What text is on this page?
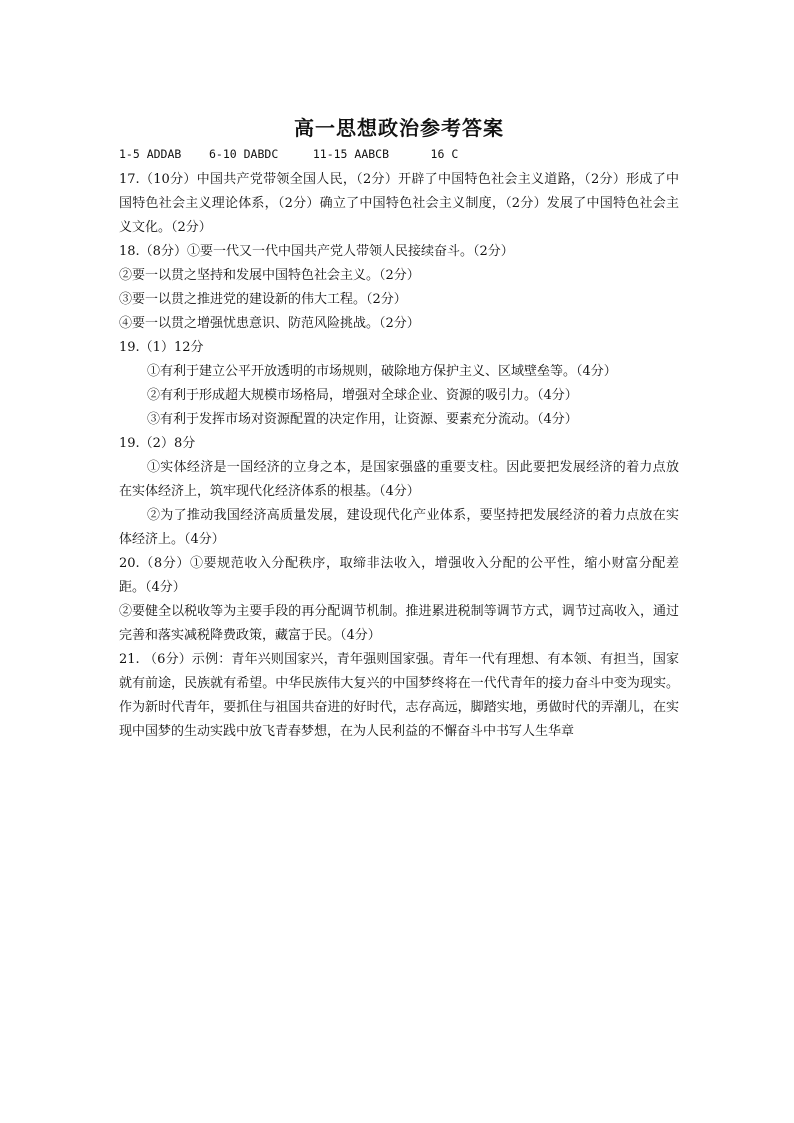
高一思想政治参考答案

1-5 ADDAB    6-10 DABDC     11-15 AABCB      16 C

17.（10分）中国共产党带领全国人民，（2分）开辟了中国特色社会主义道路，（2分）形成了中国特色社会主义理论体系，（2分）确立了中国特色社会主义制度，（2分）发展了中国特色社会主义文化。（2分）

18.（8分）①要一代又一代中国共产党人带领人民接续奋斗。（2分）

②要一以贯之坚持和发展中国特色社会主义。（2分）

③要一以贯之推进党的建设新的伟大工程。（2分）

④要一以贯之增强忧患意识、防范风险挑战。（2分）

19.（1）12分

①有利于建立公平开放透明的市场规则，破除地方保护主义、区域壁垒等。（4分）

②有利于形成超大规模市场格局，增强对全球企业、资源的吸引力。（4分）

③有利于发挥市场对资源配置的决定作用，让资源、要素充分流动。（4分）

19.（2）8分

①实体经济是一国经济的立身之本，是国家强盛的重要支柱。因此要把发展经济的着力点放在实体经济上，筑牢现代化经济体系的根基。（4分）

②为了推动我国经济高质量发展，建设现代化产业体系，要坚持把发展经济的着力点放在实体经济上。（4分）

20.（8分）①要规范收入分配秩序，取缔非法收入，增强收入分配的公平性，缩小财富分配差距。（4分）

②要健全以税收等为主要手段的再分配调节机制。推进累进税制等调节方式，调节过高收入，通过完善和落实减税降费政策，藏富于民。（4分）

21. （6分）示例：青年兴则国家兴，青年强则国家强。青年一代有理想、有本领、有担当，国家就有前途，民族就有希望。中华民族伟大复兴的中国梦终将在一代代青年的接力奋斗中变为现实。作为新时代青年，要抓住与祖国共奋进的好时代，志存高远，脚踏实地，勇做时代的弄潮儿，在实现中国梦的生动实践中放飞青春梦想，在为人民利益的不懈奋斗中书写人生华章
